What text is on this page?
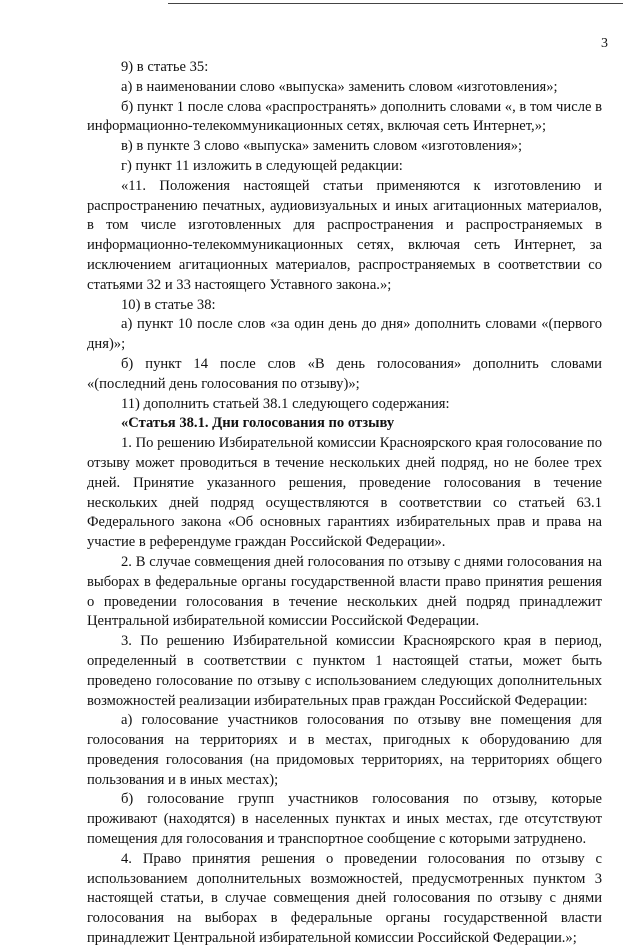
3

9) в статье 35:

а) в наименовании слово «выпуска» заменить словом «изготовления»;

б) пункт 1 после слова «распространять» дополнить словами «, в том числе в информационно-телекоммуникационных сетях, включая сеть Интернет,»;

в) в пункте 3 слово «выпуска» заменить словом «изготовления»;

г) пункт 11 изложить в следующей редакции:

«11. Положения настоящей статьи применяются к изготовлению и распространению печатных, аудиовизуальных и иных агитационных материалов, в том числе изготовленных для распространения и распространяемых в информационно-телекоммуникационных сетях, включая сеть Интернет, за исключением агитационных материалов, распространяемых в соответствии со статьями 32 и 33 настоящего Уставного закона.»;

10) в статье 38:

а) пункт 10 после слов «за один день до дня» дополнить словами «(первого дня)»;

б) пункт 14 после слов «В день голосования» дополнить словами «(последний день голосования по отзыву)»;

11) дополнить статьей 38.1 следующего содержания:

«Статья 38.1. Дни голосования по отзыву

1. По решению Избирательной комиссии Красноярского края голосование по отзыву может проводиться в течение нескольких дней подряд, но не более трех дней. Принятие указанного решения, проведение голосования в течение нескольких дней подряд осуществляются в соответствии со статьей 63.1 Федерального закона «Об основных гарантиях избирательных прав и права на участие в референдуме граждан Российской Федерации».

2. В случае совмещения дней голосования по отзыву с днями голосования на выборах в федеральные органы государственной власти право принятия решения о проведении голосования в течение нескольких дней подряд принадлежит Центральной избирательной комиссии Российской Федерации.

3. По решению Избирательной комиссии Красноярского края в период, определенный в соответствии с пунктом 1 настоящей статьи, может быть проведено голосование по отзыву с использованием следующих дополнительных возможностей реализации избирательных прав граждан Российской Федерации:

а) голосование участников голосования по отзыву вне помещения для голосования на территориях и в местах, пригодных к оборудованию для проведения голосования (на придомовых территориях, на территориях общего пользования и в иных местах);

б) голосование групп участников голосования по отзыву, которые проживают (находятся) в населенных пунктах и иных местах, где отсутствуют помещения для голосования и транспортное сообщение с которыми затруднено.

4. Право принятия решения о проведении голосования по отзыву с использованием дополнительных возможностей, предусмотренных пунктом 3 настоящей статьи, в случае совмещения дней голосования по отзыву с днями голосования на выборах в федеральные органы государственной власти принадлежит Центральной избирательной комиссии Российской Федерации.»;
